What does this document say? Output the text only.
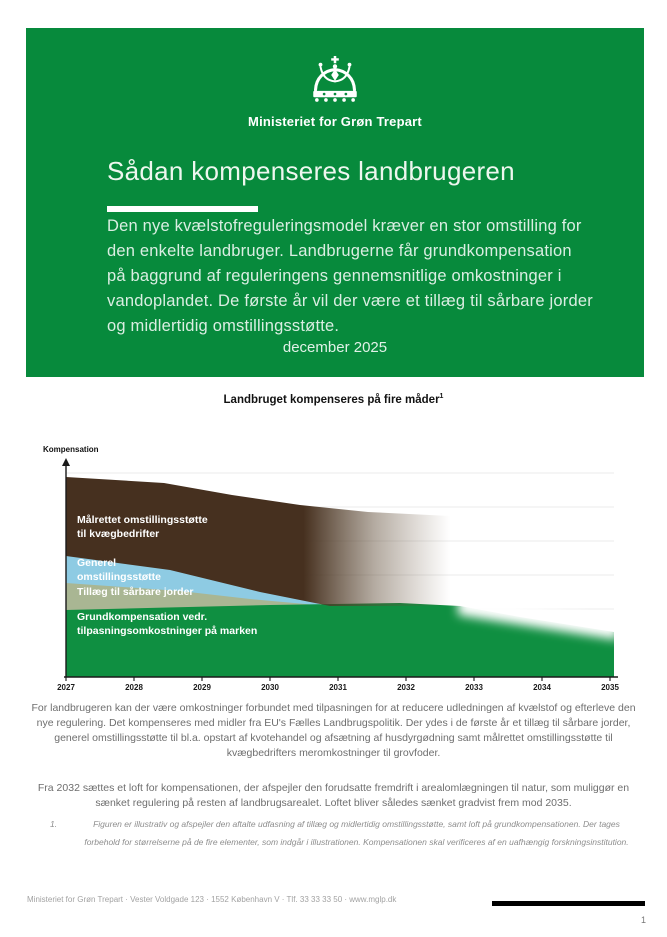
Ministeriet for Grøn Trepart
Sådan kompenseres landbrugeren

Den nye kvælstofreguleringsmodel kræver en stor omstilling for den enkelte landbruger. Landbrugerne får grundkompensation på baggrund af reguleringens gennemsnitlige omkostninger i vandoplandet. De første år vil der være et tillæg til sårbare jorder og midlertidig omstillingsstøtte.

december 2025
Landbruget kompenseres på fire måder$^1$
Kompensation
Målrettet omstillingsstøtte
til kvægbedrifter
Generel
omstillingsstøtte
Tillæg til sårbare jorder
Grundkompensation vedr.
tilpasningsomkostninger på marken
2027	2028	2029	2030	2031	2032	2033	2034	2035

For landbrugeren kan der være omkostninger forbundet med tilpasningen for at reducere udledningen af kvælstof og efterleve den nye regulering. Det kompenseres med midler fra EU's Fælles Landbrugspolitik. Der ydes i de første år et tillæg til sårbare jorder, generel omstillingsstøtte til bl.a. opstart af kvotehandel og afsætning af husdyrgødning samt målrettet omstillingsstøtte til kvægbedrifters meromkostninger til grovfoder.

Fra 2032 sættes et loft for kompensationen, der afspejler den forudsatte fremdrift i arealomlægningen til natur, som muliggør en sænket regulering på resten af landbrugsarealet. Loftet bliver således sænket gradvist frem mod 2035.

1.	Figuren er illustrativ og afspejler den aftalte udfasning af tillæg og midlertidig omstillingsstøtte, samt loft på grundkompensationen. Der tages forbehold for størrelserne på de fire elementer, som indgår i illustrationen. Kompensationen skal verificeres af en uafhængig forskningsinstitution.
Ministeriet for Grøn Trepart · Vester Voldgade 123 · 1552 København V · Tlf. 33 33 33 50 · www.mglp.dk
1
